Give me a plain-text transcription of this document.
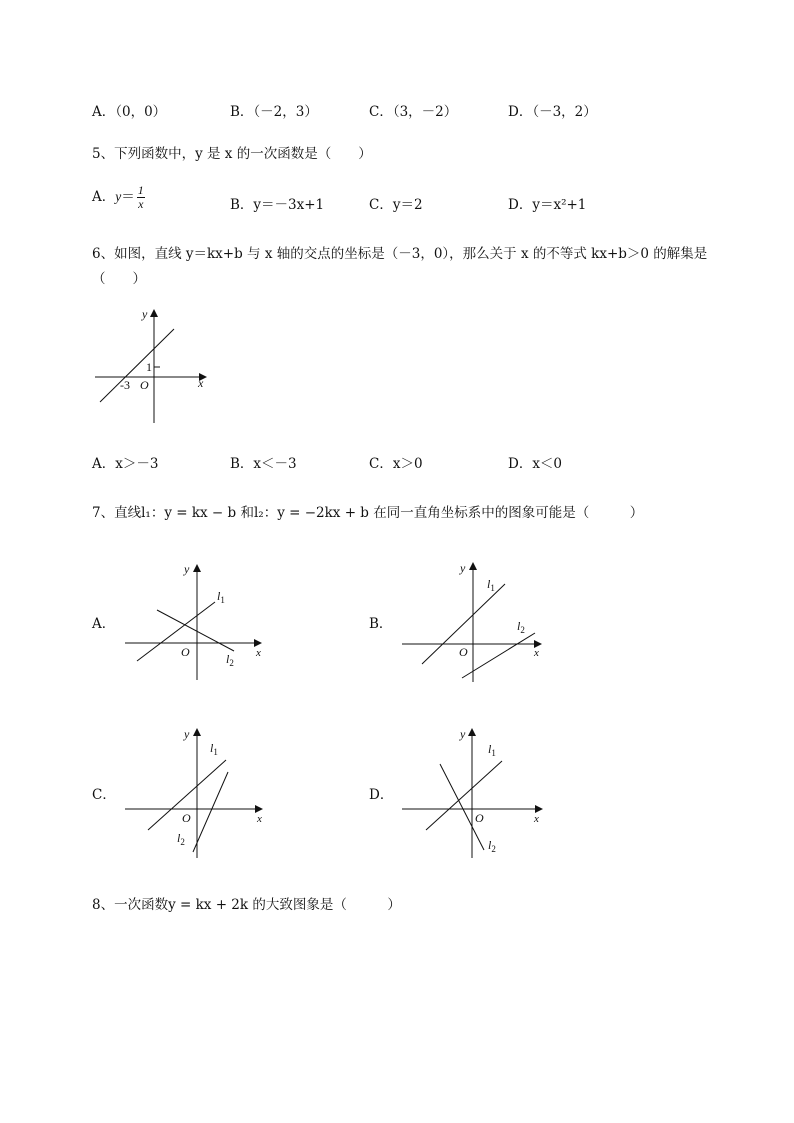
A．（0，0）	B．（－2，3）	C．（3，－2）	D．（－3，2）
5、下列函数中，y 是 x 的一次函数是（　　）
A．$y= \frac{1}{x}$	B．y＝－3x+1	C．y＝2	D．y＝x²+1
6、如图，直线 y＝kx+b 与 x 轴的交点的坐标是（－3，0），那么关于 x 的不等式 kx+b＞0 的解集是
（　　）
y
x
O
1
-3
A．x＞－3	B．x＜－3	C．x＞0	D．x＜0
7、直线l₁：y = kx − b 和l₂：y = −2kx + b 在同一直角坐标系中的图象可能是（　　　）
A．
y
x
O
$l_1$
$l_2$
B．
y
x
O
$l_1$
$l_2$
C．
y
x
O
$l_1$
$l_2$
D．
y
x
O
$l_1$
$l_2$
8、一次函数y = kx + 2k 的大致图象是（　　　）
